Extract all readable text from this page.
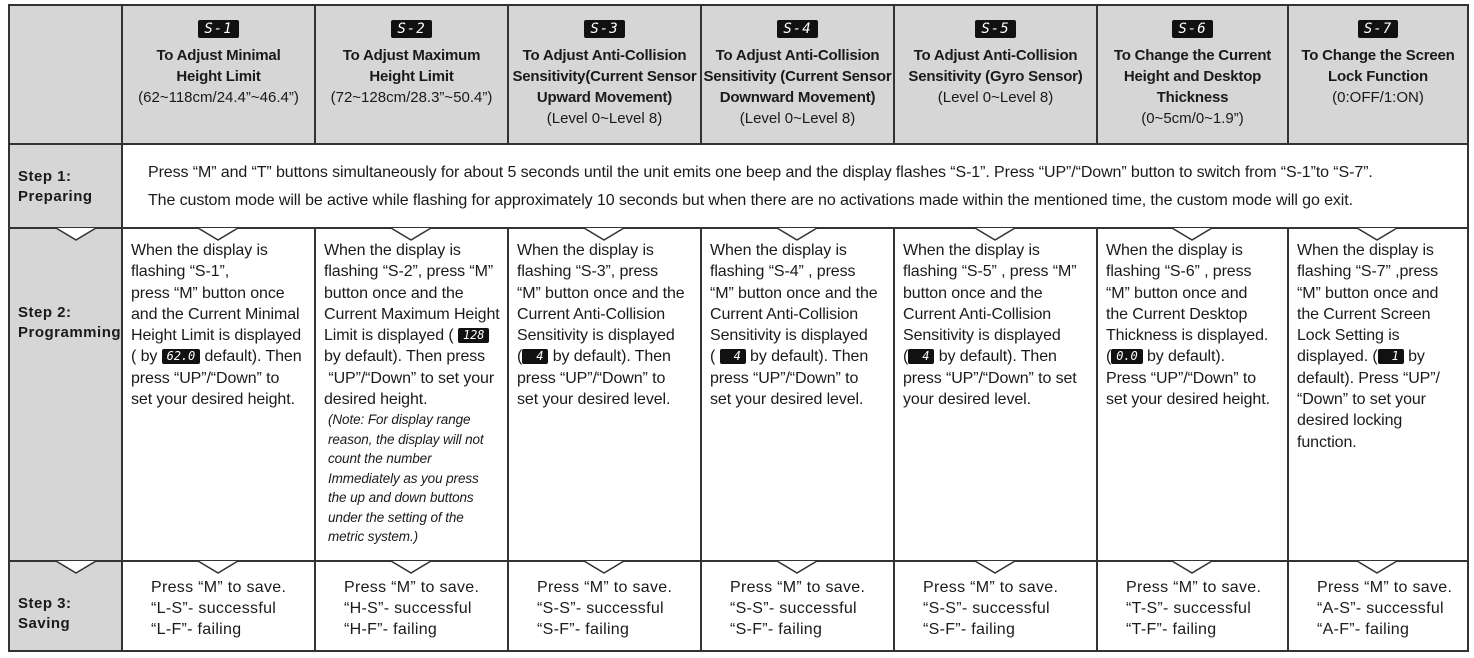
Step 1:
Preparing
Step 2:
Programming
Step 3:
Saving
Press “M” and “T” buttons simultaneously for about 5 seconds until the unit emits one beep and the display flashes “S-1”. Press “UP”/“Down” button to switch from “S-1”to “S-7”.
The custom mode will be active while flashing for approximately 10 seconds but when there are no activations made within the mentioned time, the custom mode will go exit.
S-1
To Adjust Minimal
Height Limit
(62~118cm/24.4”~46.4”)
When the display is
flashing “S-1”,
press “M” button once
and the Current Minimal
Height Limit is displayed
( by 62.0 default). Then
press “UP”/“Down” to
set your desired height.
Press “M” to save.
“L-S”- successful
“L-F”- failing
S-2
To Adjust Maximum
Height Limit
(72~128cm/28.3”~50.4”)
When the display is
flashing “S-2”, press “M”
button once and the
Current Maximum Height
Limit is displayed ( 128
by default). Then press
“UP”/“Down” to set your
desired height.
(Note: For display range
reason, the display will not
count the number
Immediately as you press
the up and down buttons
under the setting of the
metric system.)
Press “M” to save.
“H-S”- successful
“H-F”- failing
S-3
To Adjust Anti-Collision
Sensitivity(Current Sensor
Upward Movement)
(Level 0~Level 8)
When the display is
flashing “S-3”, press
“M” button once and the
Current Anti-Collision
Sensitivity is displayed
( 4 by default). Then
press “UP”/“Down” to
set your desired level.
Press “M” to save.
“S-S”- successful
“S-F”- failing
S-4
To Adjust Anti-Collision
Sensitivity (Current Sensor
Downward Movement)
(Level 0~Level 8)
When the display is
flashing “S-4” , press
“M” button once and the
Current Anti-Collision
Sensitivity is displayed
( 4 by default). Then
press “UP”/“Down” to
set your desired level.
Press “M” to save.
“S-S”- successful
“S-F”- failing
S-5
To Adjust Anti-Collision
Sensitivity (Gyro Sensor)
(Level 0~Level 8)
When the display is
flashing “S-5” , press “M”
button once and the
Current Anti-Collision
Sensitivity is displayed
( 4 by default). Then
press “UP”/“Down” to set
your desired level.
Press “M” to save.
“S-S”- successful
“S-F”- failing
S-6
To Change the Current
Height and Desktop
Thickness
(0~5cm/0~1.9”)
When the display is
flashing “S-6” , press
“M” button once and
the Current Desktop
Thickness is displayed.
( 0.0 by default).
Press “UP”/“Down” to
set your desired height.
Press “M” to save.
“T-S”- successful
“T-F”- failing
S-7
To Change the Screen
Lock Function
(0:OFF/1:ON)
When the display is
flashing “S-7” ,press
“M” button once and
the Current Screen
Lock Setting is
displayed. ( 1 by
default). Press “UP”/
“Down” to set your
desired locking
function.
Press “M” to save.
“A-S”- successful
“A-F”- failing
